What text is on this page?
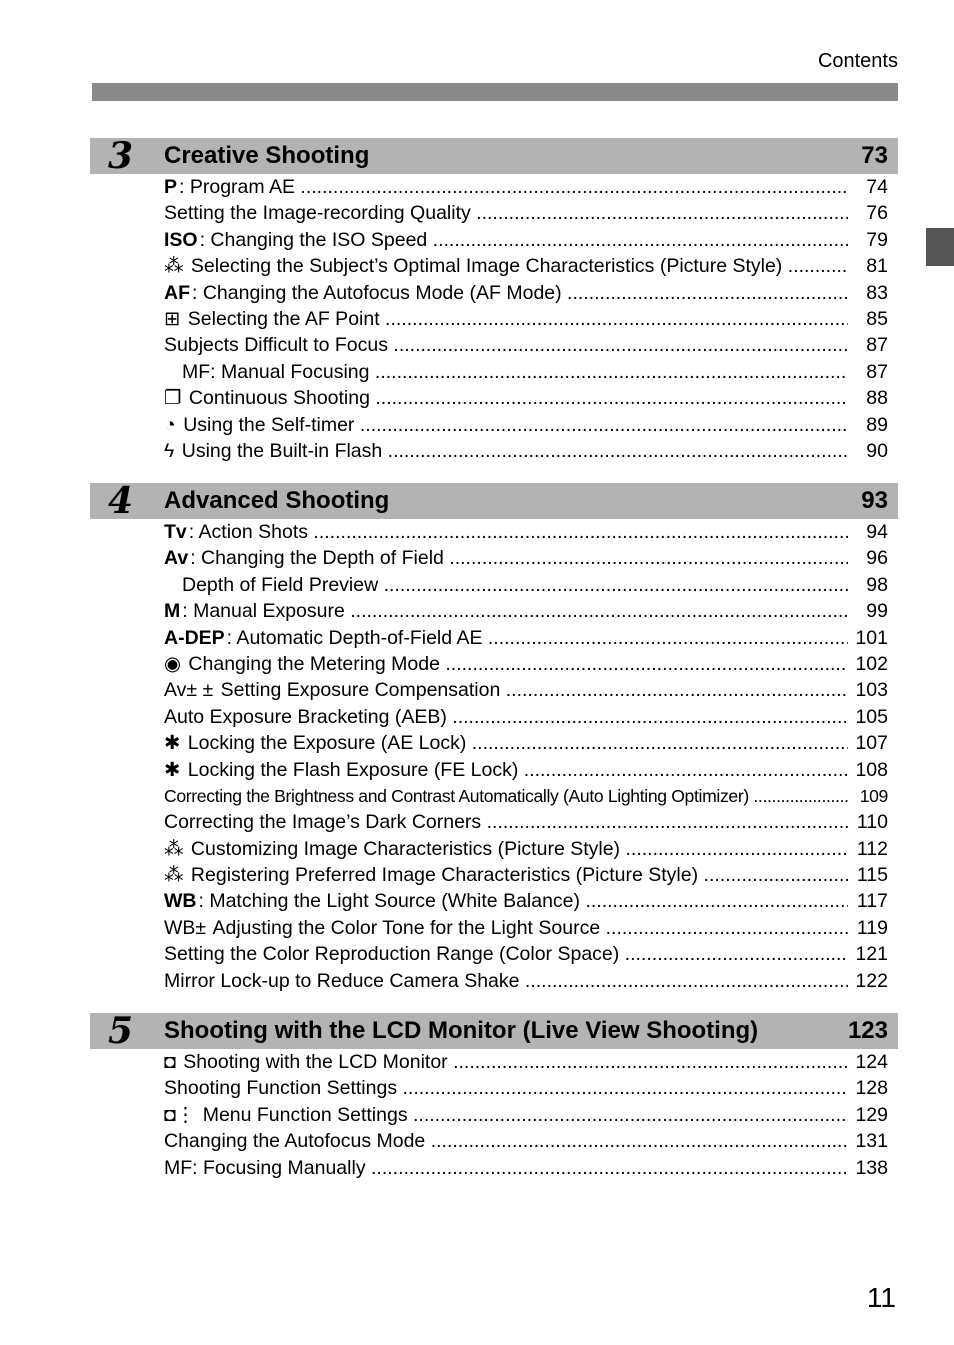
Contents
3 Creative Shooting	73
P : Program AE .....	74
Setting the Image-recording Quality .....	76
ISO : Changing the ISO Speed .....	79
⁂ Selecting the Subject’s Optimal Image Characteristics (Picture Style) .....	81
AF : Changing the Autofocus Mode (AF Mode) .....	83
⊞ Selecting the AF Point .....	85
Subjects Difficult to Focus .....	87
MF: Manual Focusing .....	87
❐ Continuous Shooting .....	88
◔ Using the Self-timer .....	89
ϟ Using the Built-in Flash .....	90
4 Advanced Shooting	93
Tv : Action Shots .....	94
Av : Changing the Depth of Field .....	96
Depth of Field Preview .....	98
M : Manual Exposure .....	99
A-DEP : Automatic Depth-of-Field AE .....	101
◉ Changing the Metering Mode .....	102
Av± ± Setting Exposure Compensation .....	103
Auto Exposure Bracketing (AEB) .....	105
✱ Locking the Exposure (AE Lock) .....	107
✱ Locking the Flash Exposure (FE Lock) .....	108
Correcting the Brightness and Contrast Automatically (Auto Lighting Optimizer) .....	109
Correcting the Image’s Dark Corners .....	110
⁂ Customizing Image Characteristics (Picture Style) .....	112
⁂ Registering Preferred Image Characteristics (Picture Style) .....	115
WB : Matching the Light Source (White Balance) .....	117
WB± Adjusting the Color Tone for the Light Source .....	119
Setting the Color Reproduction Range (Color Space) .....	121
Mirror Lock-up to Reduce Camera Shake .....	122
5 Shooting with the LCD Monitor (Live View Shooting)	123
◘ Shooting with the LCD Monitor .....	124
Shooting Function Settings .....	128
◘⋮ Menu Function Settings .....	129
Changing the Autofocus Mode .....	131
MF: Focusing Manually .....	138
11
